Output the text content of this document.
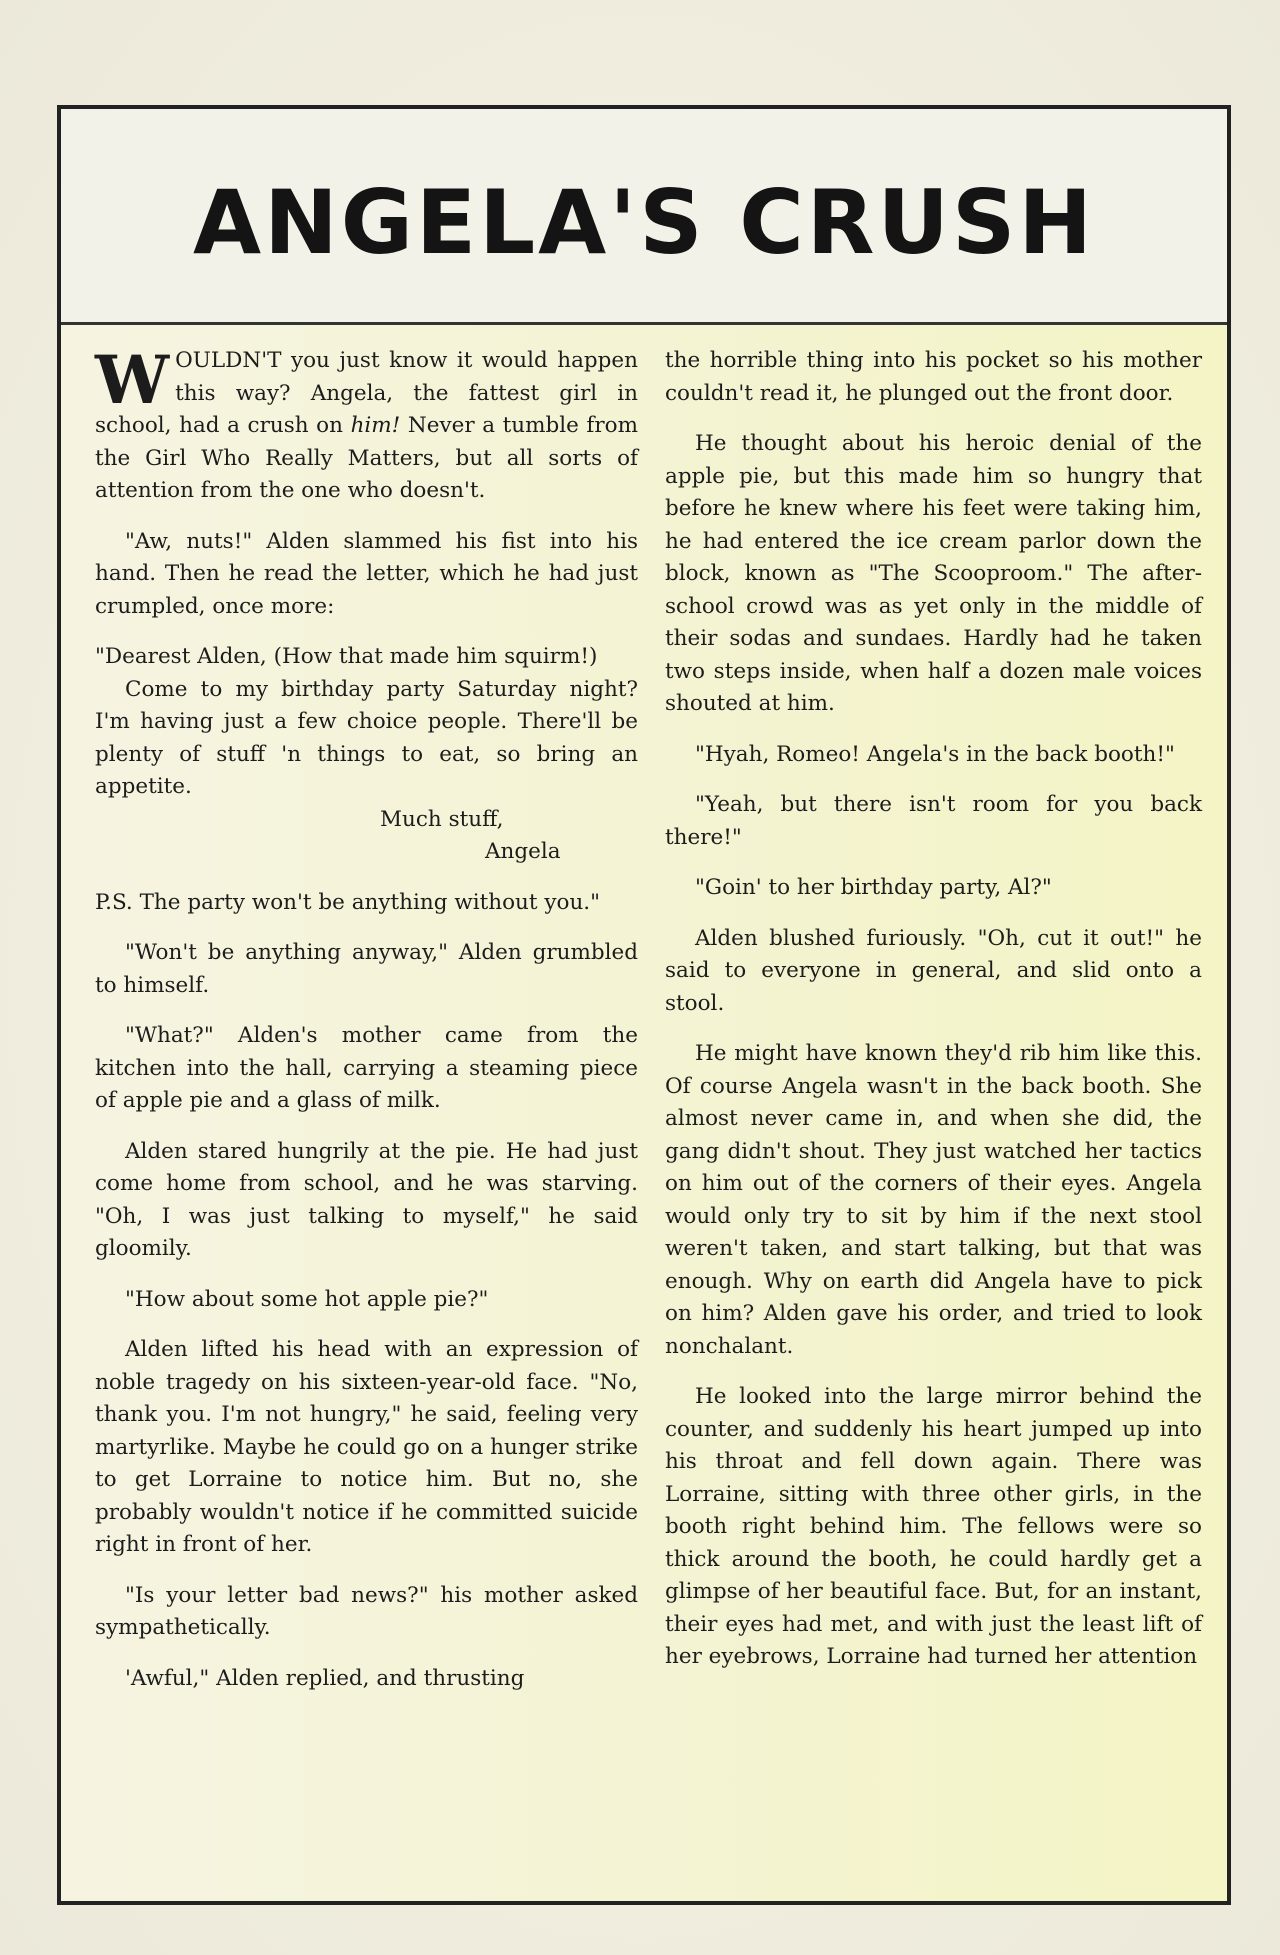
ANGELA'S CRUSH

WOULDN'T you just know it would happen this way? Angela, the fattest girl in school, had a crush on him! Never a tumble from the Girl Who Really Matters, but all sorts of attention from the one who doesn't.

"Aw, nuts!" Alden slammed his fist into his hand. Then he read the letter, which he had just crumpled, once more:

"Dearest Alden, (How that made him squirm!)

Come to my birthday party Saturday night? I'm having just a few choice people. There'll be plenty of stuff 'n things to eat, so bring an appetite.

Much stuff,

Angela

P.S. The party won't be anything without you."

"Won't be anything anyway," Alden grumbled to himself.

"What?" Alden's mother came from the kitchen into the hall, carrying a steaming piece of apple pie and a glass of milk.

Alden stared hungrily at the pie. He had just come home from school, and he was starving. "Oh, I was just talking to myself," he said gloomily.

"How about some hot apple pie?"

Alden lifted his head with an expression of noble tragedy on his sixteen-year-old face. "No, thank you. I'm not hungry," he said, feeling very martyrlike. Maybe he could go on a hunger strike to get Lorraine to notice him. But no, she probably wouldn't notice if he committed suicide right in front of her.

"Is your letter bad news?" his mother asked sympathetically.

'Awful," Alden replied, and thrusting

the horrible thing into his pocket so his mother couldn't read it, he plunged out the front door.

He thought about his heroic denial of the apple pie, but this made him so hungry that before he knew where his feet were taking him, he had entered the ice cream parlor down the block, known as "The Scooproom." The after-school crowd was as yet only in the middle of their sodas and sundaes. Hardly had he taken two steps inside, when half a dozen male voices shouted at him.

"Hyah, Romeo! Angela's in the back booth!"

"Yeah, but there isn't room for you back there!"

"Goin' to her birthday party, Al?"

Alden blushed furiously. "Oh, cut it out!" he said to everyone in general, and slid onto a stool.

He might have known they'd rib him like this. Of course Angela wasn't in the back booth. She almost never came in, and when she did, the gang didn't shout. They just watched her tactics on him out of the corners of their eyes. Angela would only try to sit by him if the next stool weren't taken, and start talking, but that was enough. Why on earth did Angela have to pick on him? Alden gave his order, and tried to look nonchalant.

He looked into the large mirror behind the counter, and suddenly his heart jumped up into his throat and fell down again. There was Lorraine, sitting with three other girls, in the booth right behind him. The fellows were so thick around the booth, he could hardly get a glimpse of her beautiful face. But, for an instant, their eyes had met, and with just the least lift of her eyebrows, Lorraine had turned her attention
